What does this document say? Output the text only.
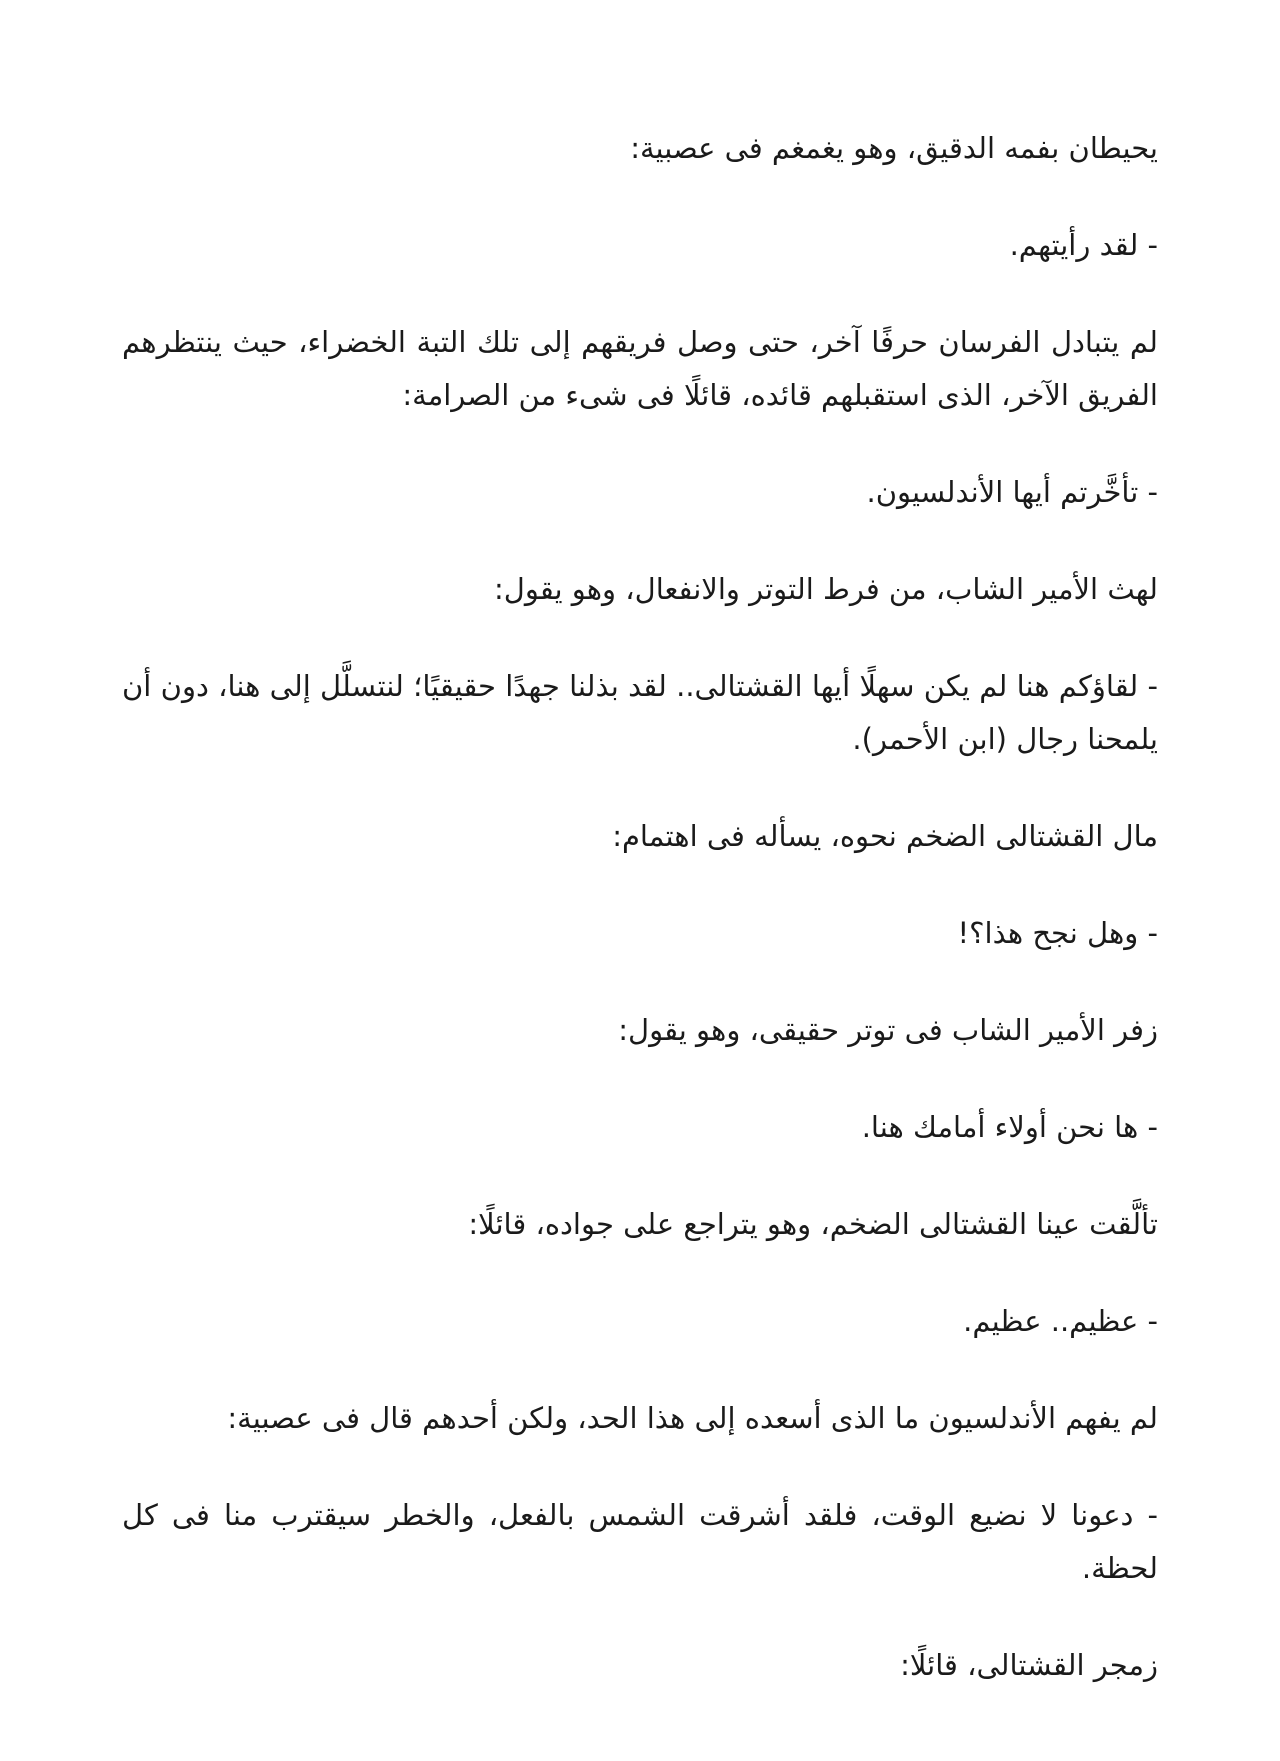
يحيطان بفمه الدقيق، وهو يغمغم فى عصبية:

- لقد رأيتهم.

لم يتبادل الفرسان حرفًا آخر، حتى وصل فريقهم إلى تلك التبة الخضراء، حيث ينتظرهم الفريق الآخر، الذى استقبلهم قائده، قائلًا فى شىء من الصرامة:

- تأخَّرتم أيها الأندلسيون.

لهث الأمير الشاب، من فرط التوتر والانفعال، وهو يقول:

- لقاؤكم هنا لم يكن سهلًا أيها القشتالى.. لقد بذلنا جهدًا حقيقيًا؛ لنتسلَّل إلى هنا، دون أن يلمحنا رجال (ابن الأحمر).

مال القشتالى الضخم نحوه، يسأله فى اهتمام:

- وهل نجح هذا؟!

زفر الأمير الشاب فى توتر حقيقى، وهو يقول:

- ها نحن أولاء أمامك هنا.

تألَّقت عينا القشتالى الضخم، وهو يتراجع على جواده، قائلًا:

- عظيم.. عظيم.

لم يفهم الأندلسيون ما الذى أسعده إلى هذا الحد، ولكن أحدهم قال فى عصبية:

- دعونا لا نضيع الوقت، فلقد أشرقت الشمس بالفعل، والخطر سيقترب منا فى كل لحظة.

زمجر القشتالى، قائلًا:
